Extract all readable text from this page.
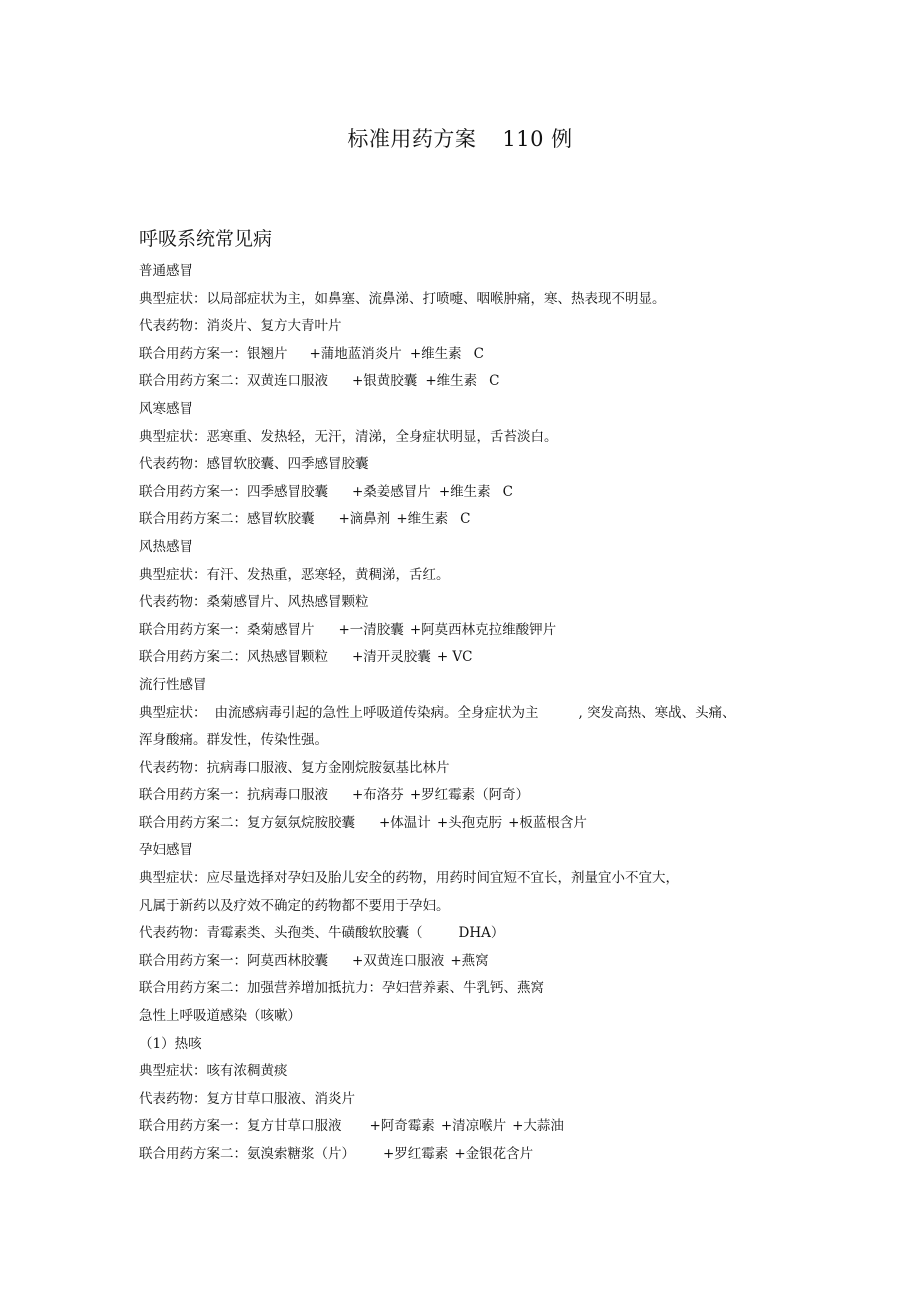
标准用药方案 110 例
呼吸系统常见病
普通感冒
典型症状：以局部症状为主，如鼻塞、流鼻涕、打喷嚏、咽喉肿痛，寒、热表现不明显。
代表药物：消炎片、复方大青叶片
联合用药方案一：银翘片 +蒲地蓝消炎片 +维生素 C
联合用药方案二：双黄连口服液 +银黄胶囊 +维生素 C
风寒感冒
典型症状：恶寒重、发热轻，无汗，清涕，全身症状明显，舌苔淡白。
代表药物：感冒软胶囊、四季感冒胶囊
联合用药方案一：四季感冒胶囊 +桑姜感冒片 +维生素 C
联合用药方案二：感冒软胶囊 +滴鼻剂 +维生素 C
风热感冒
典型症状：有汗、发热重，恶寒轻，黄稠涕，舌红。
代表药物：桑菊感冒片、风热感冒颗粒
联合用药方案一：桑菊感冒片 +一清胶囊 +阿莫西林克拉维酸钾片
联合用药方案二：风热感冒颗粒 +清开灵胶囊 + VC
流行性感冒
典型症状： 由流感病毒引起的急性上呼吸道传染病。全身症状为主	, 突发高热、寒战、头痛、
浑身酸痛。群发性，传染性强。
代表药物：抗病毒口服液、复方金刚烷胺氨基比林片
联合用药方案一：抗病毒口服液 +布洛芬 +罗红霉素（阿奇）
联合用药方案二：复方氨氛烷胺胶囊 +体温计 +头孢克肟 +板蓝根含片
孕妇感冒
典型症状：应尽量选择对孕妇及胎儿安全的药物，用药时间宜短不宜长，剂量宜小不宜大，
凡属于新药以及疗效不确定的药物都不要用于孕妇。
代表药物：青霉素类、头孢类、牛磺酸软胶囊（	DHA）
联合用药方案一：阿莫西林胶囊 +双黄连口服液 +燕窝
联合用药方案二：加强营养增加抵抗力：孕妇营养素、牛乳钙、燕窝
急性上呼吸道感染（咳嗽）
（1）热咳
典型症状：咳有浓稠黄痰
代表药物：复方甘草口服液、消炎片
联合用药方案一：复方甘草口服液 +阿奇霉素 +清凉喉片 +大蒜油
联合用药方案二：氨溴索糖浆（片） +罗红霉素 +金银花含片
